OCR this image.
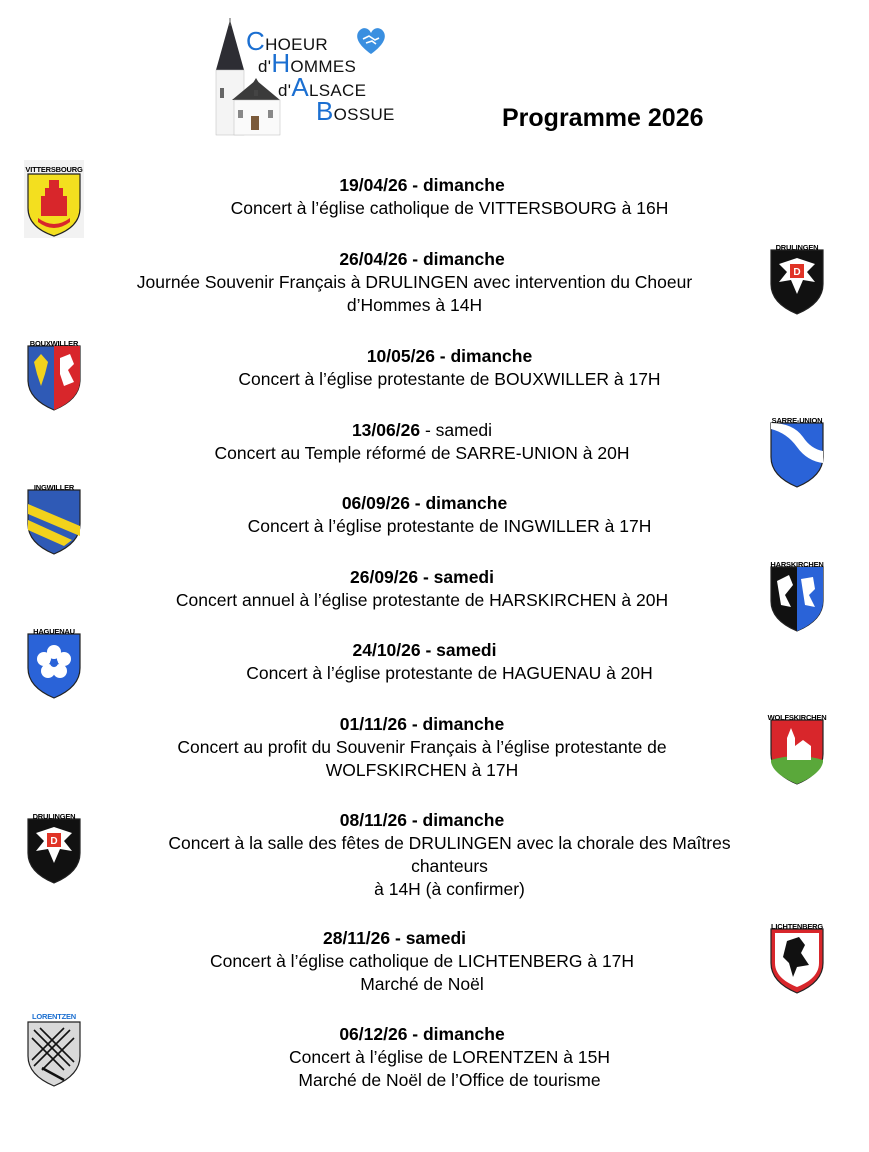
CHOEUR
d'HOMMES
d'ALSACE
BOSSUE	Programme 2026
19/04/26 - dimanche
Concert à l’église catholique de VITTERSBOURG à 16H
26/04/26 - dimanche
Journée Souvenir Français à DRULINGEN avec intervention du Choeur
d’Hommes à 14H
10/05/26 - dimanche
Concert à l’église protestante de BOUXWILLER à 17H
13/06/26 - samedi
Concert au Temple réformé de SARRE-UNION à 20H
06/09/26 - dimanche
Concert à l’église protestante de INGWILLER à 17H
26/09/26 - samedi
Concert annuel à l’église protestante de HARSKIRCHEN à 20H
24/10/26 - samedi
Concert à l’église protestante de HAGUENAU à 20H
01/11/26 - dimanche
Concert au profit du Souvenir Français à l’église protestante de
WOLFSKIRCHEN à 17H
08/11/26 - dimanche
Concert à la salle des fêtes de DRULINGEN avec la chorale des Maîtres
chanteurs
à 14H (à confirmer)
28/11/26 - samedi
Concert à l’église catholique de LICHTENBERG à 17H
Marché de Noël
06/12/26 - dimanche
Concert à l’église de LORENTZEN à 15H
Marché de Noël de l’Office de tourisme
VITTERSBOURG
D
DRULINGEN
BOUXWILLER
SARRE-UNION
INGWILLER
HARSKIRCHEN
HAGUENAU
WOLFSKIRCHEN
D
DRULINGEN
LICHTENBERG
LORENTZEN
